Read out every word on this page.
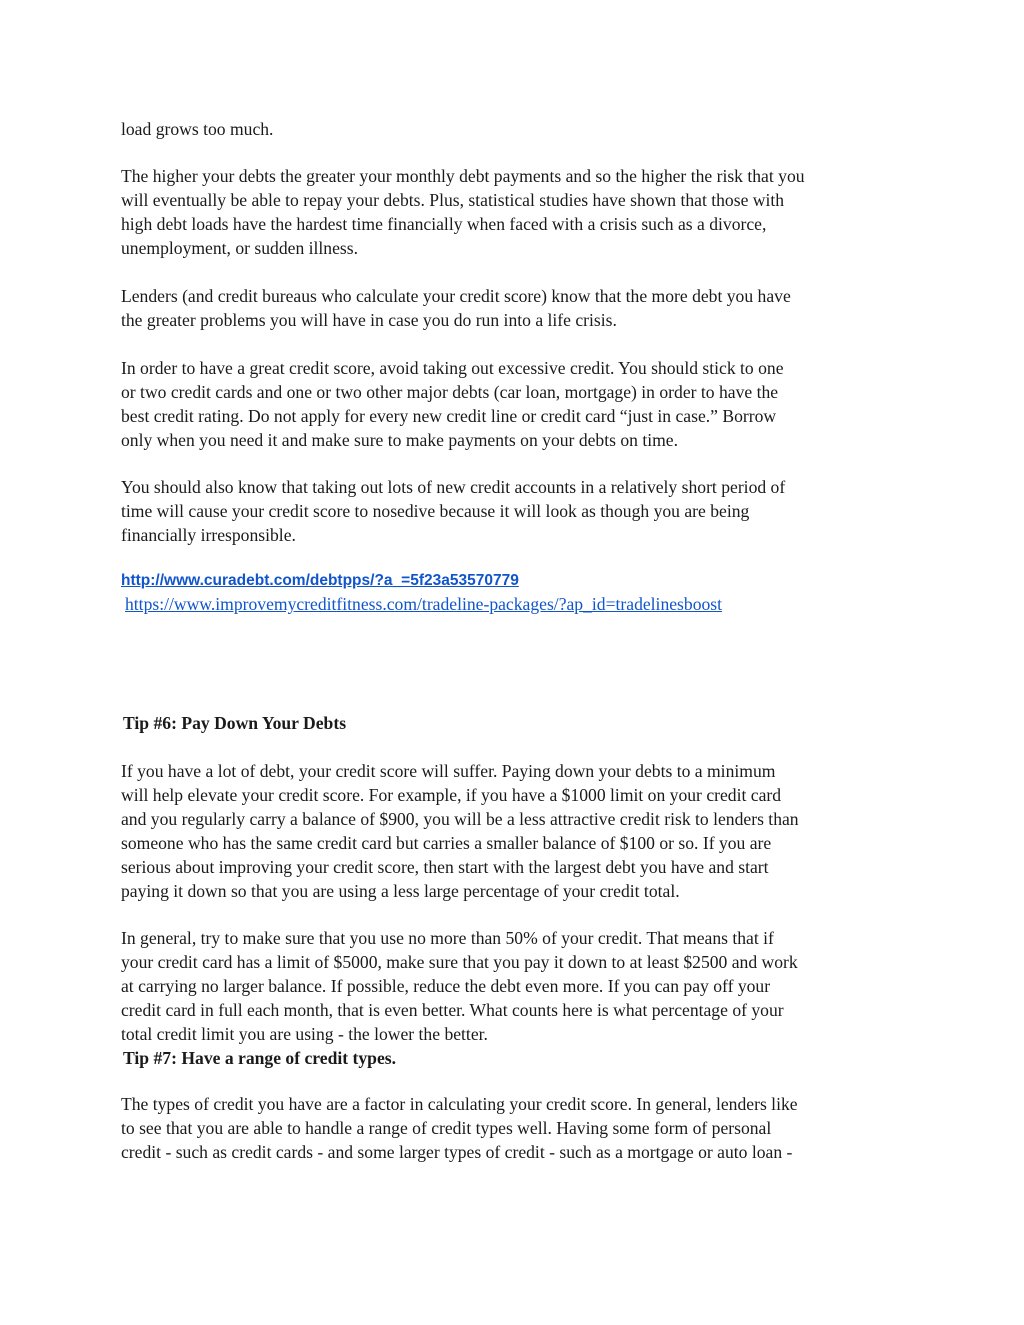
load grows too much.

The higher your debts the greater your monthly debt payments and so the higher the risk that you

will eventually be able to repay your debts. Plus, statistical studies have shown that those with

high debt loads have the hardest time financially when faced with a crisis such as a divorce,

unemployment, or sudden illness.

Lenders (and credit bureaus who calculate your credit score) know that the more debt you have

the greater problems you will have in case you do run into a life crisis.

In order to have a great credit score, avoid taking out excessive credit. You should stick to one

or two credit cards and one or two other major debts (car loan, mortgage) in order to have the

best credit rating. Do not apply for every new credit line or credit card “just in case.” Borrow

only when you need it and make sure to make payments on your debts on time.

You should also know that taking out lots of new credit accounts in a relatively short period of

time will cause your credit score to nosedive because it will look as though you are being

financially irresponsible.

http://www.curadebt.com/debtpps/?a_=5f23a53570779
https://www.improvemycreditfitness.com/tradeline-packages/?ap_id=tradelinesboost
Tip #6: Pay Down Your Debts

If you have a lot of debt, your credit score will suffer. Paying down your debts to a minimum

will help elevate your credit score. For example, if you have a $1000 limit on your credit card

and you regularly carry a balance of $900, you will be a less attractive credit risk to lenders than

someone who has the same credit card but carries a smaller balance of $100 or so. If you are

serious about improving your credit score, then start with the largest debt you have and start

paying it down so that you are using a less large percentage of your credit total.

In general, try to make sure that you use no more than 50% of your credit. That means that if

your credit card has a limit of $5000, make sure that you pay it down to at least $2500 and work

at carrying no larger balance. If possible, reduce the debt even more. If you can pay off your

credit card in full each month, that is even better. What counts here is what percentage of your

total credit limit you are using - the lower the better.

Tip #7: Have a range of credit types.

The types of credit you have are a factor in calculating your credit score. In general, lenders like

to see that you are able to handle a range of credit types well. Having some form of personal

credit - such as credit cards - and some larger types of credit - such as a mortgage or auto loan -
